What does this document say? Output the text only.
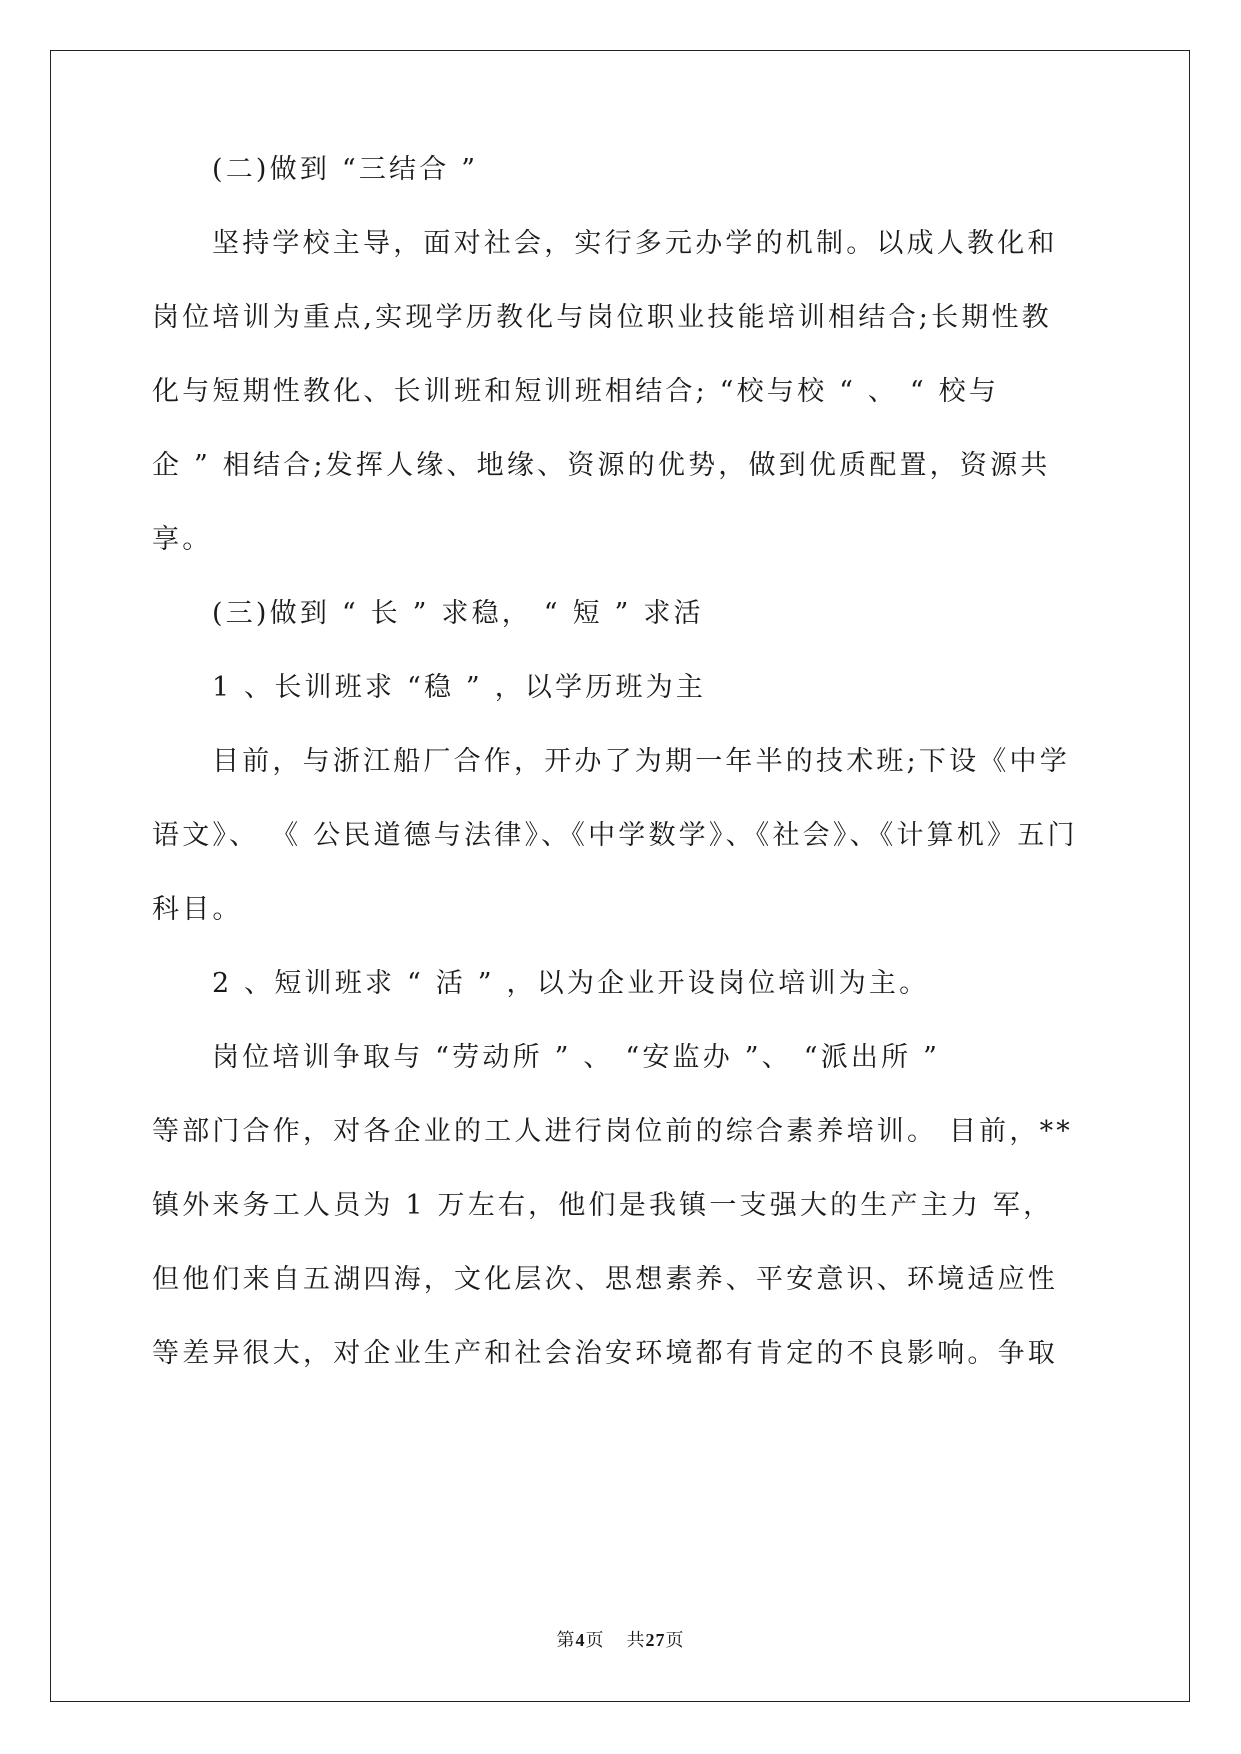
(二)做到 “三结合 ”
坚持学校主导，面对社会，实行多元办学的机制。以成人教化和
岗位培训为重点,实现学历教化与岗位职业技能培训相结合;长期性教
化与短期性教化、长训班和短训班相结合; “校与校 “ 、 “ 校与
企 ” 相结合;发挥人缘、地缘、资源的优势，做到优质配置，资源共
享。
(三)做到 “ 长 ” 求稳， “ 短 ” 求活
1 、长训班求 “稳 ” ，以学历班为主
目前，与浙江船厂合作，开办了为期一年半的技术班;下设《中学
语文》、 《 公民道德与法律》、《中学数学》、《社会》、《计算机》五门
科目。
2 、短训班求 “ 活 ” ，以为企业开设岗位培训为主。
岗位培训争取与 “劳动所 ” 、 “安监办 ”、 “派出所 ”
等部门合作，对各企业的工人进行岗位前的综合素养培训。 目前，**
镇外来务工人员为 1 万左右，他们是我镇一支强大的生产主力 军，
但他们来自五湖四海，文化层次、思想素养、平安意识、环境适应性
等差异很大，对企业生产和社会治安环境都有肯定的不良影响。争取
第4页 共27页
